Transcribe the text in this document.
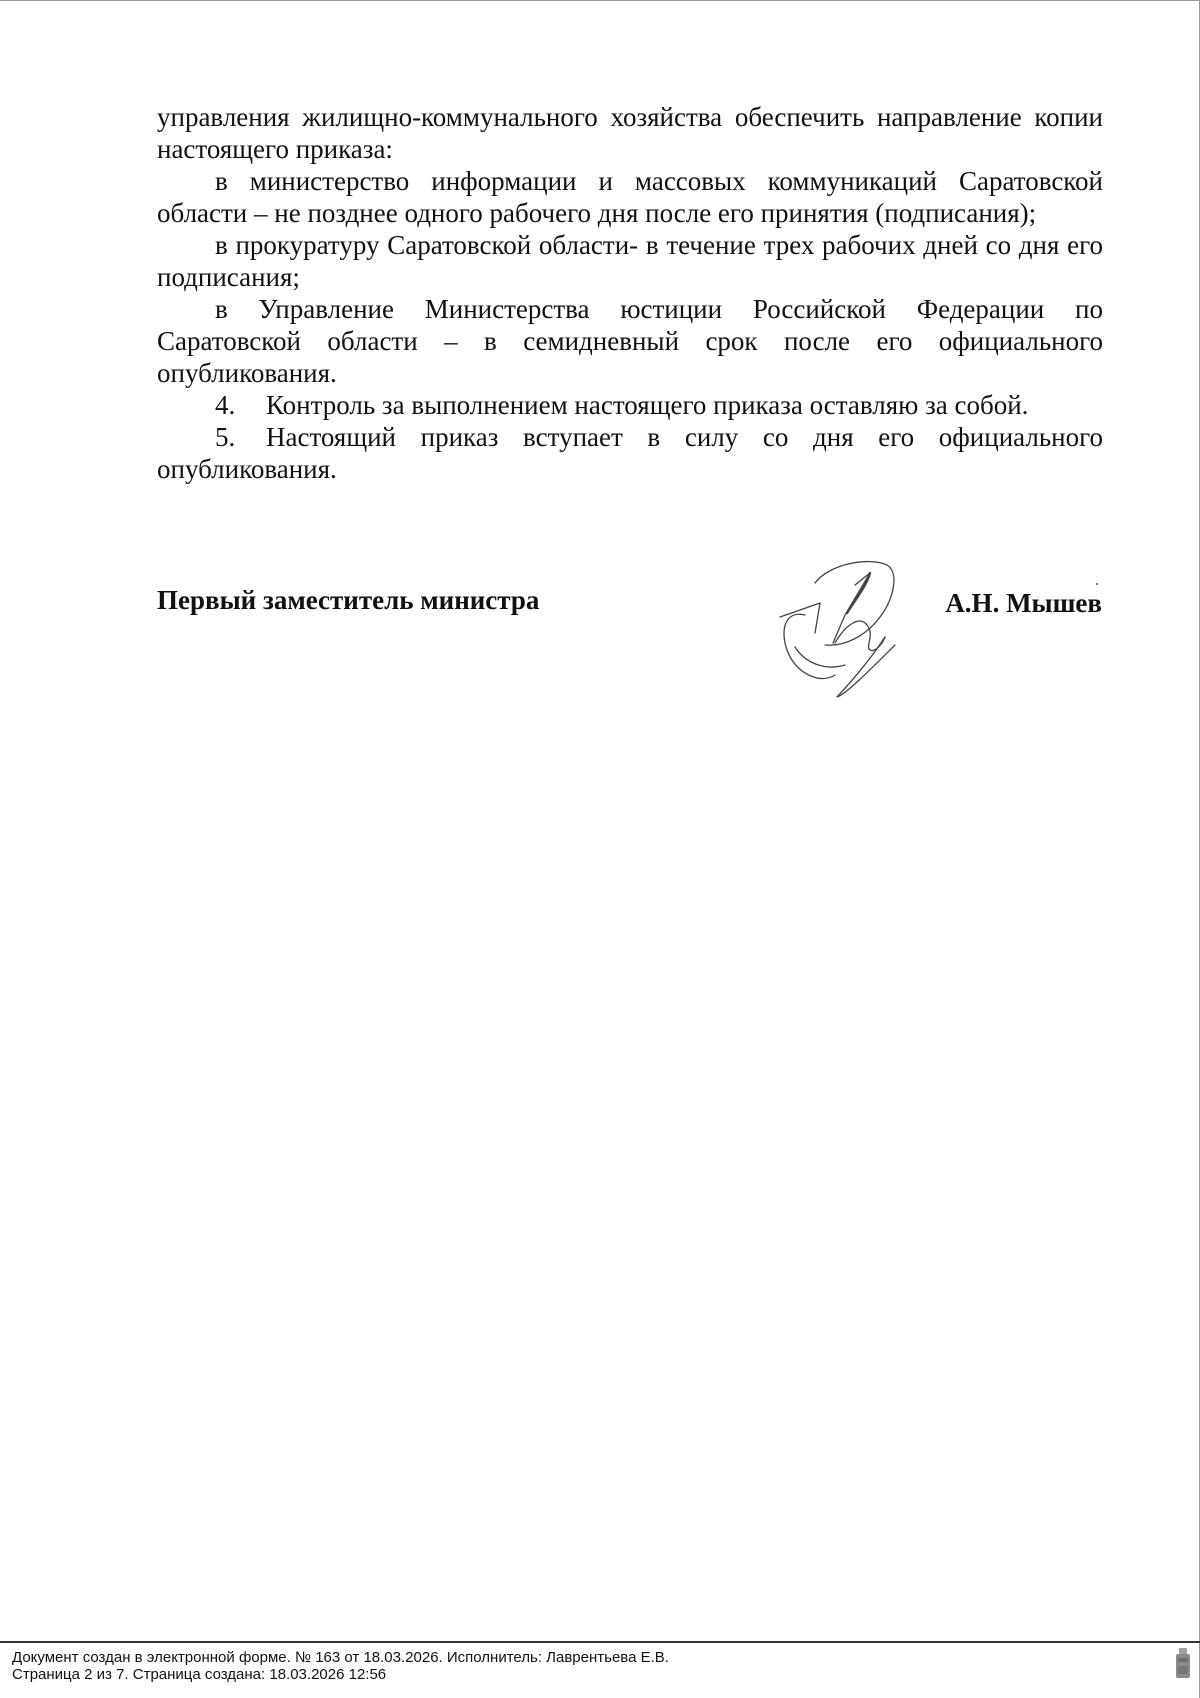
управления жилищно-коммунального хозяйства обеспечить направление копии настоящего приказа:

в министерство информации и массовых коммуникаций Саратовской области – не позднее одного рабочего дня после его принятия (подписания);

в прокуратуру Саратовской области- в течение трех рабочих дней со дня его подписания;

в Управление Министерства юстиции Российской Федерации по Саратовской области – в семидневный срок после его официального опубликования.

4. Контроль за выполнением настоящего приказа оставляю за собой.

5. Настоящий приказ вступает в силу со дня его официального опубликования.

Первый заместитель министра	А.Н. Мышев
Документ создан в электронной форме. № 163 от 18.03.2026. Исполнитель: Лаврентьева Е.В.
Страница 2 из 7. Страница создана: 18.03.2026 12:56
